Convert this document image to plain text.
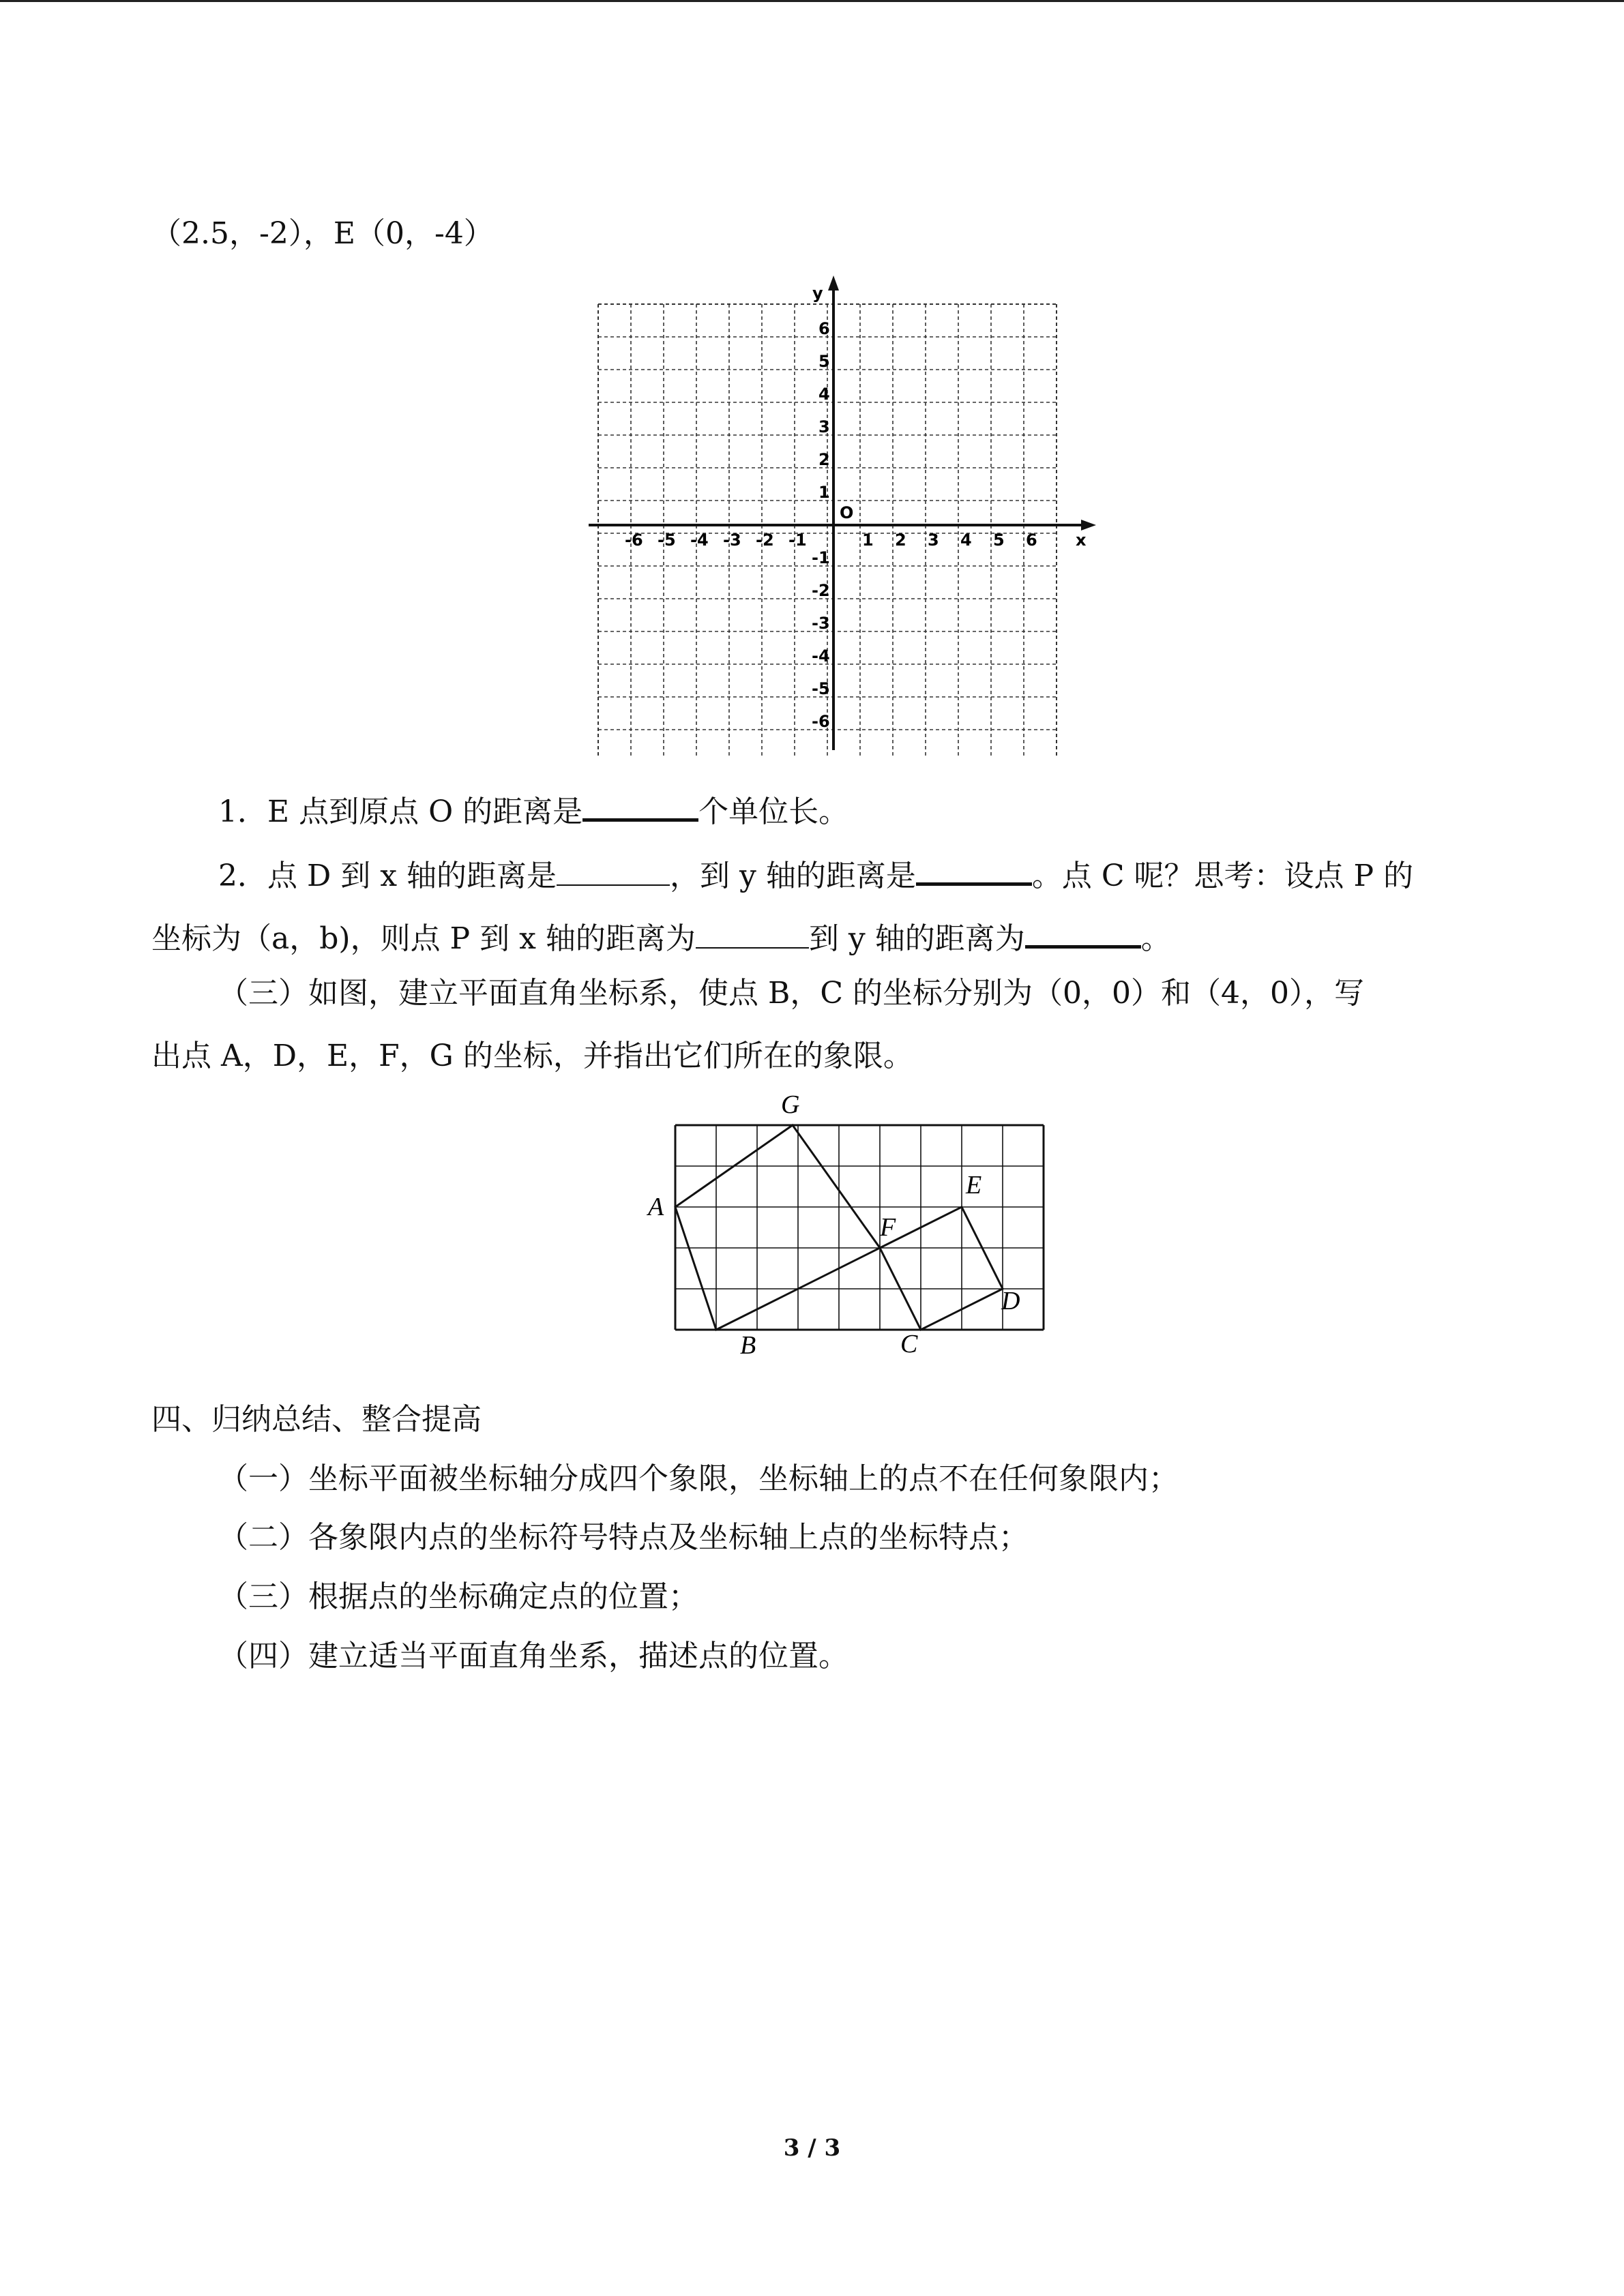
（2.5，-2），E（0，-4）
x
y
O
-6 -5 -4 -3 -2 -1	1 2 3 4 5 6
6
5
4
3
2
1
-1
-2
-3
-4
-5
-6
1．E 点到原点 O 的距离是	个单位长。
2．点 D 到 x 轴的距离是	，到 y 轴的距离是	。点 C 呢？思考：设点 P 的
坐标为（a，b)，则点 P 到 x 轴的距离为	到 y 轴的距离为	。
（三）如图，建立平面直角坐标系，使点 B，C 的坐标分别为（0，0）和（4，0），写
出点 A，D，E，F，G 的坐标，并指出它们所在的象限。
A
G
F
E
D
B	C
四、归纳总结、整合提高
（一）坐标平面被坐标轴分成四个象限，坐标轴上的点不在任何象限内；
（二）各象限内点的坐标符号特点及坐标轴上点的坐标特点；
（三）根据点的坐标确定点的位置；
（四）建立适当平面直角坐系，描述点的位置。
3 / 3
